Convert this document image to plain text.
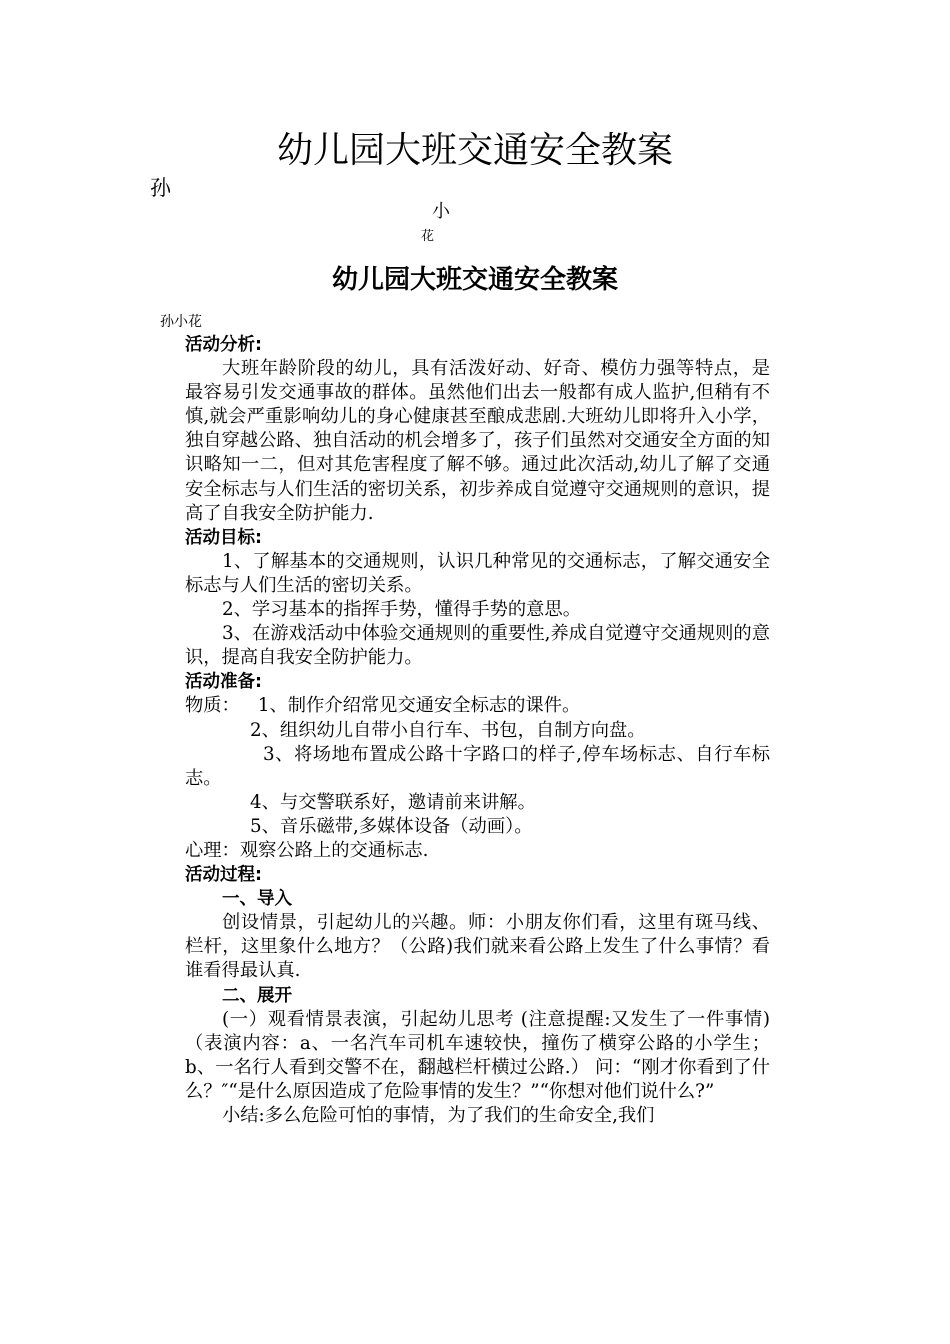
幼儿园大班交通安全教案
孙
小
花
幼儿园大班交通安全教案
孙小花

活动分析:

大班年龄阶段的幼儿，具有活泼好动、好奇、模仿力强等特点，是最容易引发交通事故的群体。虽然他们出去一般都有成人监护,但稍有不慎,就会严重影响幼儿的身心健康甚至酿成悲剧.大班幼儿即将升入小学，独自穿越公路、独自活动的机会增多了，孩子们虽然对交通安全方面的知识略知一二，但对其危害程度了解不够。通过此次活动,幼儿了解了交通安全标志与人们生活的密切关系，初步养成自觉遵守交通规则的意识，提高了自我安全防护能力.

活动目标:

1、了解基本的交通规则，认识几种常见的交通标志，了解交通安全标志与人们生活的密切关系。

2、学习基本的指挥手势，懂得手势的意思。

3、在游戏活动中体验交通规则的重要性,养成自觉遵守交通规则的意识，提高自我安全防护能力。

活动准备:

物质： 1、制作介绍常见交通安全标志的课件。

2、组织幼儿自带小自行车、书包，自制方向盘。

3、将场地布置成公路十字路口的样子,停车场标志、自行车标志。

4、与交警联系好，邀请前来讲解。

5、音乐磁带,多媒体设备（动画）。

心理：观察公路上的交通标志.

活动过程:

一、导入

创设情景，引起幼儿的兴趣。师：小朋友你们看，这里有斑马线、栏杆，这里象什么地方？（公路)我们就来看公路上发生了什么事情？看谁看得最认真.

二、展开

(一）观看情景表演，引起幼儿思考 (注意提醒:又发生了一件事情)（表演内容：a、一名汽车司机车速较快，撞伤了横穿公路的小学生；b、一名行人看到交警不在，翻越栏杆横过公路.） 问：“刚才你看到了什么？″“是什么原因造成了危险事情的发生？”“你想对他们说什么?”

小结:多么危险可怕的事情，为了我们的生命安全,我们
